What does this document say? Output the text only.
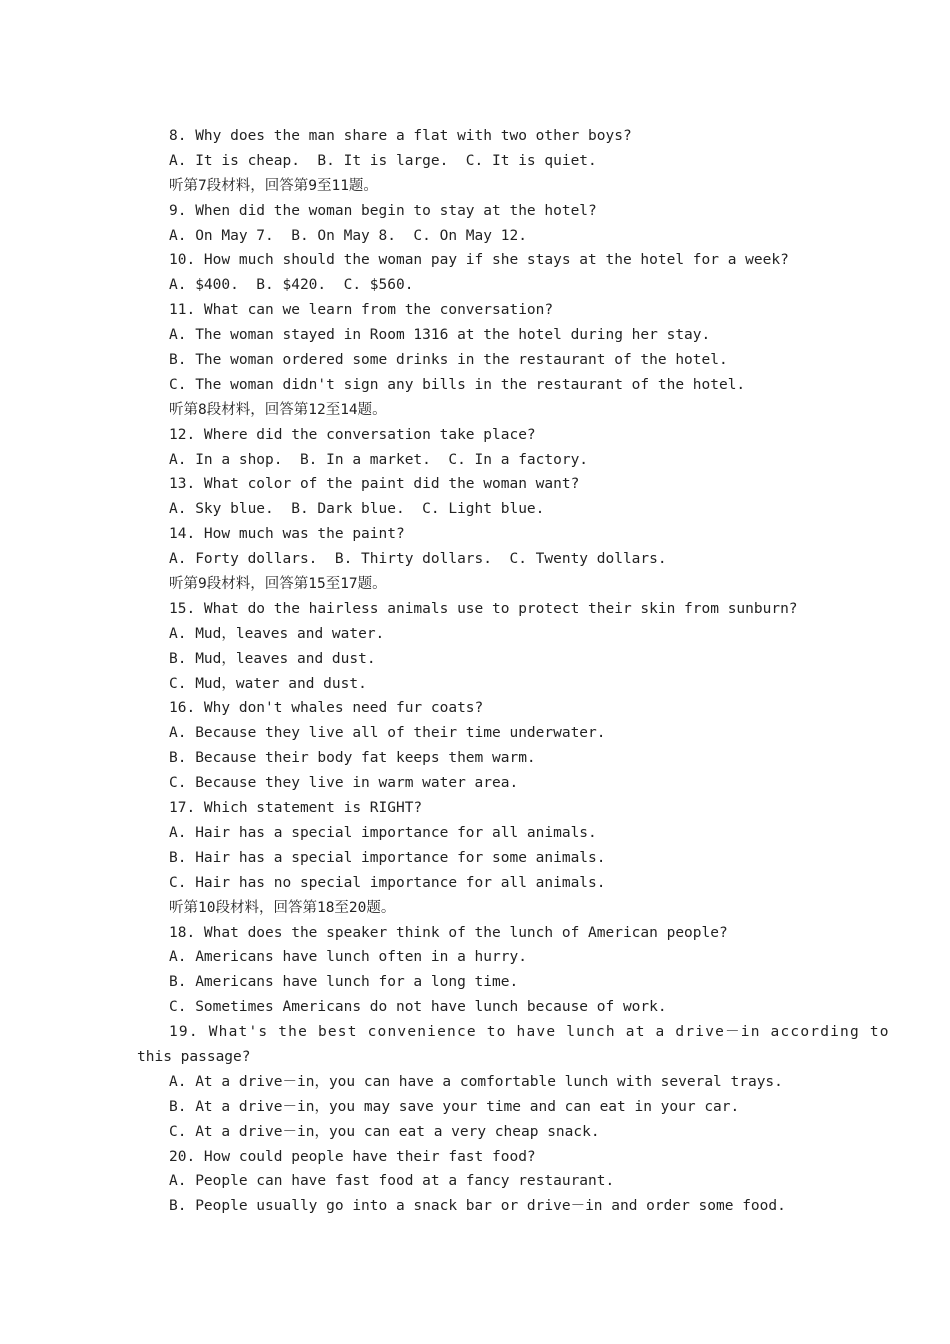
8. Why does the man share a flat with two other boys?
A. It is cheap.  B. It is large.  C. It is quiet.
听第7段材料，回答第9至11题。
9. When did the woman begin to stay at the hotel?
A. On May 7.  B. On May 8.  C. On May 12.
10. How much should the woman pay if she stays at the hotel for a week?
A. $400.  B. $420.  C. $560.
11. What can we learn from the conversation?
A. The woman stayed in Room 1316 at the hotel during her stay.
B. The woman ordered some drinks in the restaurant of the hotel.
C. The woman didn't sign any bills in the restaurant of the hotel.
听第8段材料，回答第12至14题。
12. Where did the conversation take place?
A. In a shop.  B. In a market.  C. In a factory.
13. What color of the paint did the woman want?
A. Sky blue.  B. Dark blue.  C. Light blue.
14. How much was the paint?
A. Forty dollars.  B. Thirty dollars.  C. Twenty dollars.
听第9段材料，回答第15至17题。
15. What do the hairless animals use to protect their skin from sunburn?
A. Mud，leaves and water.
B. Mud，leaves and dust.
C. Mud，water and dust.
16. Why don't whales need fur coats?
A. Because they live all of their time underwater.
B. Because their body fat keeps them warm.
C. Because they live in warm water area.
17. Which statement is RIGHT?
A. Hair has a special importance for all animals.
B. Hair has a special importance for some animals.
C. Hair has no special importance for all animals.
听第10段材料，回答第18至20题。
18. What does the speaker think of the lunch of American people?
A. Americans have lunch often in a hurry.
B. Americans have lunch for a long time.
C. Sometimes Americans do not have lunch because of work.
19. What's the best convenience to have lunch at a drive－in according to
this passage?
A. At a drive－in，you can have a comfortable lunch with several trays.
B. At a drive－in，you may save your time and can eat in your car.
C. At a drive－in，you can eat a very cheap snack.
20. How could people have their fast food?
A. People can have fast food at a fancy restaurant.
B. People usually go into a snack bar or drive－in and order some food.
